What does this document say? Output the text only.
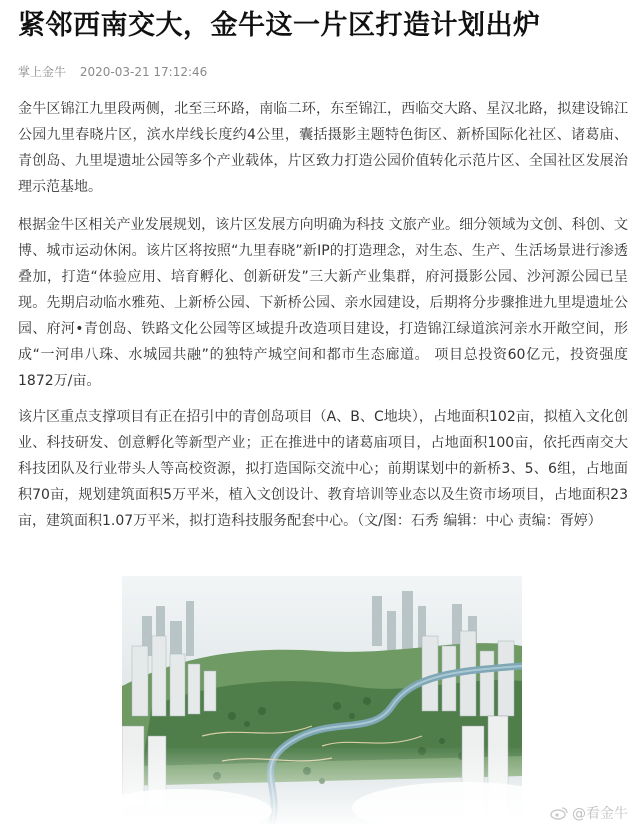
紧邻西南交大，金牛这一片区打造计划出炉
掌上金牛 2020-03-21 17:12:46

金牛区锦江九里段两侧，北至三环路，南临二环，东至锦江，西临交大路、星汉北路，拟建设锦江公园九里春晓片区，滨水岸线长度约4公里，囊括摄影主题特色街区、新桥国际化社区、诸葛庙、青创岛、九里堤遗址公园等多个产业载体，片区致力打造公园价值转化示范片区、全国社区发展治理示范基地。

根据金牛区相关产业发展规划，该片区发展方向明确为科技 文旅产业。细分领域为文创、科创、文博、城市运动休闲。该片区将按照“九里春晓”新IP的打造理念，对生态、生产、生活场景进行渗透叠加，打造“体验应用、培育孵化、创新研发”三大新产业集群，府河摄影公园、沙河源公园已呈现。先期启动临水雅苑、上新桥公园、下新桥公园、亲水园建设，后期将分步骤推进九里堤遗址公园、府河•青创岛、铁路文化公园等区域提升改造项目建设，打造锦江绿道滨河亲水开敞空间，形成“一河串八珠、水城园共融”的独特产城空间和都市生态廊道。 项目总投资60亿元，投资强度1872万/亩。

该片区重点支撑项目有正在招引中的青创岛项目（A、B、C地块），占地面积102亩，拟植入文化创业、科技研发、创意孵化等新型产业；正在推进中的诸葛庙项目，占地面积100亩，依托西南交大科技团队及行业带头人等高校资源，拟打造国际交流中心；前期谋划中的新桥3、5、6组，占地面积70亩，规划建筑面积5万平米，植入文创设计、教育培训等业态以及生资市场项目，占地面积23亩，建筑面积1.07万平米，拟打造科技服务配套中心。（文/图：石秀 编辑：中心 责编：胥婷）

头条号 / 掌上金牛	@看金牛
